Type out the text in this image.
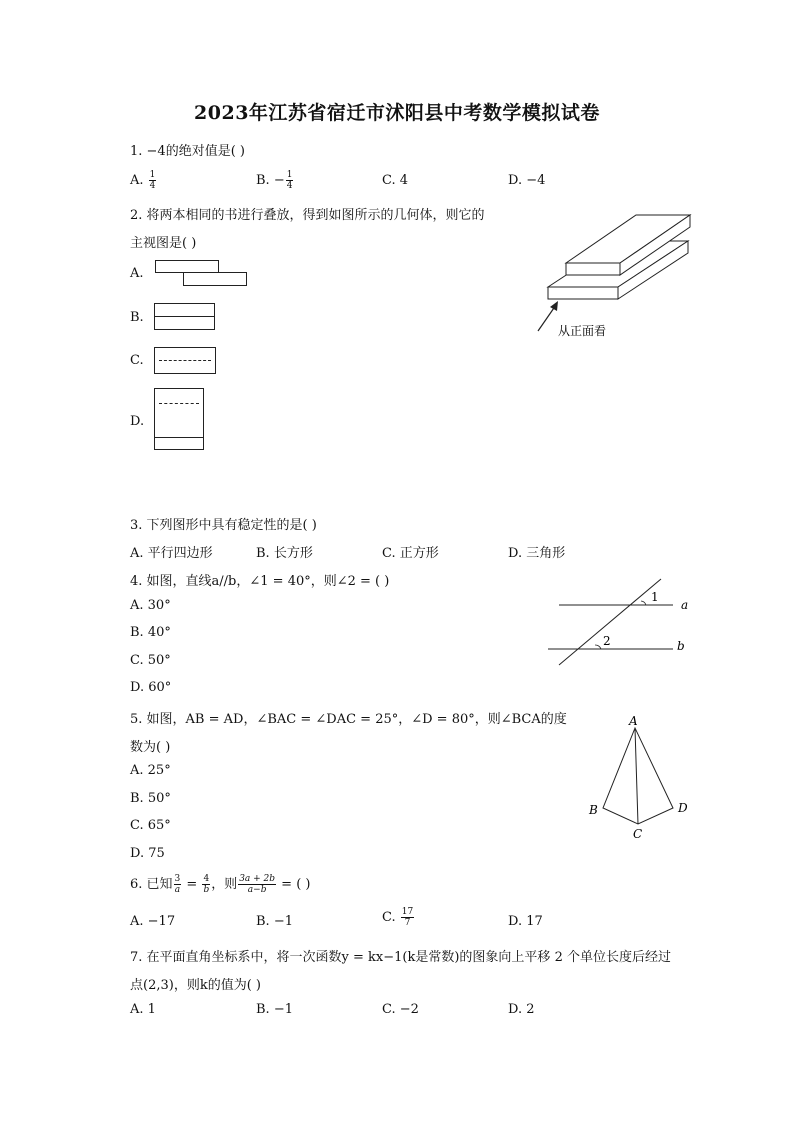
2023年江苏省宿迁市沭阳县中考数学模拟试卷
1. −4的绝对值是( )
A. $\frac{1}{4}$	B. − $\frac{1}{4}$	C. 4	D. −4
2. 将两本相同的书进行叠放，得到如图所示的几何体，则它的
主视图是( )
A.
B.
C.
D.
从正面看
3. 下列图形中具有稳定性的是( )
A. 平行四边形	B. 长方形	C. 正方形	D. 三角形
4. 如图，直线a//b，∠1 = 40°，则∠2 = ( )
A. 30°
B. 40°
C. 50°
D. 60°
1
2
a
b
5. 如图，AB = AD，∠BAC = ∠DAC = 25°，∠D = 80°，则∠BCA的度
数为( )
A. 25°
B. 50°
C. 65°
D. 75
A
B
C
D
6. 已知 $\frac{3}{a} = \frac{4}{b}$ ，则 $\frac{3a + 2b}{a-b}$ = ( )
A. −17	B. −1	C. $\frac{17}{7}$	D. 17
7. 在平面直角坐标系中，将一次函数y = kx−1(k是常数)的图象向上平移 2 个单位长度后经过
点(2,3)，则k的值为( )
A. 1	B. −1	C. −2	D. 2
